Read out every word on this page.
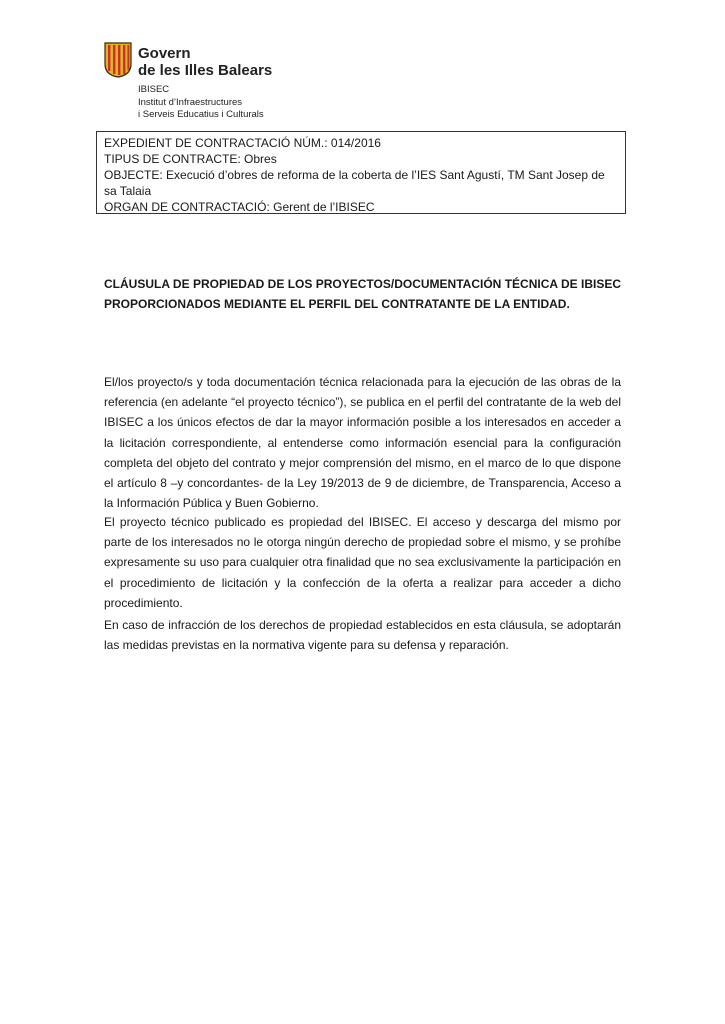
Govern
de les Illes Balears
IBISEC
Institut d’Infraestructures
i Serveis Educatius i Culturals
EXPEDIENT DE CONTRACTACIÓ NÚM.: 014/2016
TIPUS DE CONTRACTE: Obres
OBJECTE: Execució d’obres de reforma de la coberta de l’IES Sant Agustí, TM Sant Josep de sa Talaia
ORGAN DE CONTRACTACIÓ: Gerent de l’IBISEC
CLÁUSULA DE PROPIEDAD DE LOS PROYECTOS/DOCUMENTACIÓN TÉCNICA DE IBISEC PROPORCIONADOS MEDIANTE EL PERFIL DEL CONTRATANTE DE LA ENTIDAD.
El/los proyecto/s y toda documentación técnica relacionada para la ejecución de las obras de la referencia (en adelante “el proyecto técnico”), se publica en el perfil del contratante de la web del IBISEC a los únicos efectos de dar la mayor información posible a los interesados en acceder a la licitación correspondiente, al entenderse como información esencial para la configuración completa del objeto del contrato y mejor comprensión del mismo, en el marco de lo que dispone el artículo 8 –y concordantes- de la Ley 19/2013 de 9 de diciembre, de Transparencia, Acceso a la Información Pública y Buen Gobierno.
El proyecto técnico publicado es propiedad del IBISEC. El acceso y descarga del mismo por parte de los interesados no le otorga ningún derecho de propiedad sobre el mismo, y se prohíbe expresamente su uso para cualquier otra finalidad que no sea exclusivamente la participación en el procedimiento de licitación y la confección de la oferta a realizar para acceder a dicho procedimiento.
En caso de infracción de los derechos de propiedad establecidos en esta cláusula, se adoptarán las medidas previstas en la normativa vigente para su defensa y reparación.
